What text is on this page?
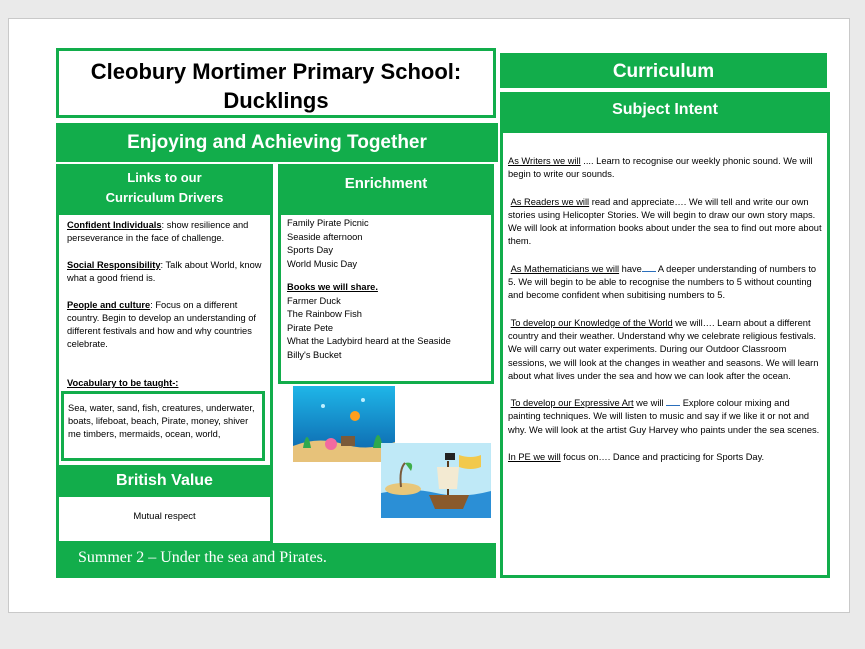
Cleobury Mortimer Primary School:
Ducklings
Enjoying and Achieving Together
Links to our
Curriculum Drivers

Confident Individuals: show resilience and perseverance in the face of challenge.

Social Responsibility: Talk about World, know what a good friend is.

People and culture: Focus on a different country. Begin to develop an understanding of different festivals and how and why countries celebrate.

Vocabulary to be taught-:

Sea, water, sand, fish, creatures, underwater, boats, lifeboat, beach, Pirate, money, shiver me timbers, mermaids, ocean, world,
British Value
Mutual respect
Enrichment
Family Pirate Picnic
Seaside afternoon
Sports Day
World Music Day
Books we will share.
Farmer Duck
The Rainbow Fish
Pirate Pete
What the Ladybird heard at the Seaside
Billy's Bucket
Summer 2 – Under the sea and Pirates.
Curriculum
Subject Intent

As Writers we will .... Learn to recognise our weekly phonic sound. We will begin to write our sounds.

As Readers we will read and appreciate…. We will tell and write our own stories using Helicopter Stories. We will begin to draw our own story maps. We will look at information books about under the sea to find out more about them.

As Mathematicians we will have A deeper understanding of numbers to 5. We will begin to be able to recognise the numbers to 5 without counting and become confident when subitising numbers to 5.

To develop our Knowledge of the World we will…. Learn about a different country and their weather. Understand why we celebrate religious festivals. We will carry out water experiments. During our Outdoor Classroom sessions, we will look at the changes in weather and seasons. We will learn about what lives under the sea and how we can look after the ocean.

To develop our Expressive Art we will  Explore colour mixing and painting techniques. We will listen to music and say if we like it or not and why. We will look at the artist Guy Harvey who paints under the sea scenes.

In PE we will focus on…. Dance and practicing for Sports Day.
